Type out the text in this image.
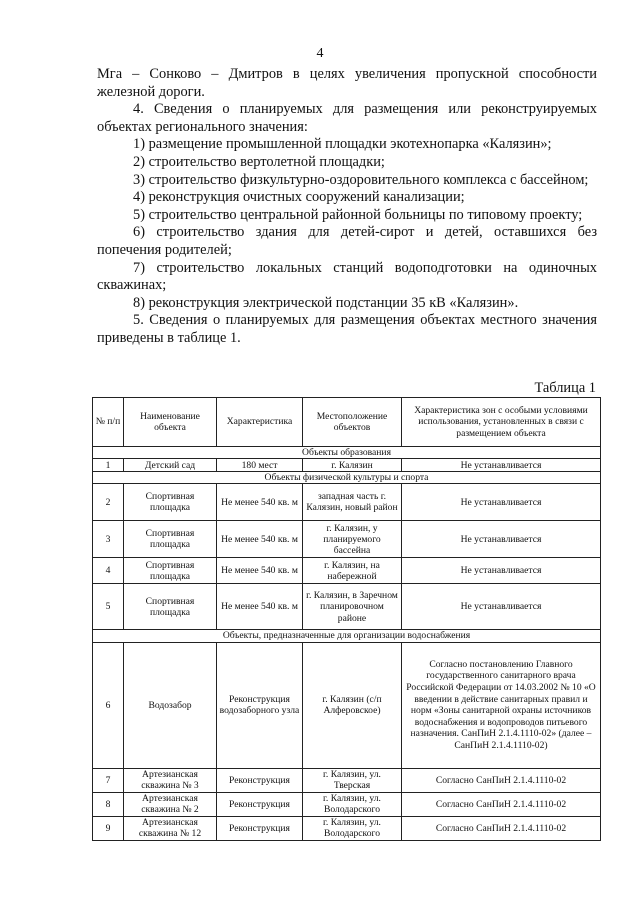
4

Мга – Сонково – Дмитров в целях увеличения пропускной способности железной дороги.

4. Сведения о планируемых для размещения или реконструируемых объектах регионального значения:

1) размещение промышленной площадки экотехнопарка «Калязин»;

2) строительство вертолетной площадки;

3) строительство физкультурно-оздоровительного комплекса с бассейном;

4) реконструкция очистных сооружений канализации;

5) строительство центральной районной больницы по типовому проекту;

6) строительство здания для детей-сирот и детей, оставшихся без попечения родителей;

7) строительство локальных станций водоподготовки на одиночных скважинах;

8) реконструкция электрической подстанции 35 кВ «Калязин».

5. Сведения о планируемых для размещения объектах местного значения приведены в таблице 1.

Таблица 1
№ п/п	Наименование объекта	Характеристика	Местоположение объектов	Характеристика зон с особыми условиями использования, установленных в связи с размещением объекта
Объекты образования				
1	Детский сад	180 мест	г. Калязин	Не устанавливается
Объекты физической культуры и спорта				
2	Спортивная площадка	Не менее 540 кв. м	западная часть г. Калязин, новый район	Не устанавливается
3	Спортивная площадка	Не менее 540 кв. м	г. Калязин, у планируемого бассейна	Не устанавливается
4	Спортивная площадка	Не менее 540 кв. м	г. Калязин, на набережной	Не устанавливается
5	Спортивная площадка	Не менее 540 кв. м	г. Калязин, в Заречном планировочном районе	Не устанавливается
Объекты, предназначенные для организации водоснабжения				
6	Водозабор	Реконструкция водозаборного узла	г. Калязин (с/п Алферовское)	Согласно постановлению Главного государственного санитарного врача Российской Федерации от 14.03.2002 № 10 «О введении в действие санитарных правил и норм «Зоны санитарной охраны источников водоснабжения и водопроводов питьевого назначения. СанПиН 2.1.4.1110-02» (далее – СанПиН 2.1.4.1110-02)
7	Артезианская скважина № 3	Реконструкция	г. Калязин, ул. Тверская	Согласно СанПиН 2.1.4.1110-02
8	Артезианская скважина № 2	Реконструкция	г. Калязин, ул. Володарского	Согласно СанПиН 2.1.4.1110-02
9	Артезианская скважина № 12	Реконструкция	г. Калязин, ул. Володарского	Согласно СанПиН 2.1.4.1110-02
